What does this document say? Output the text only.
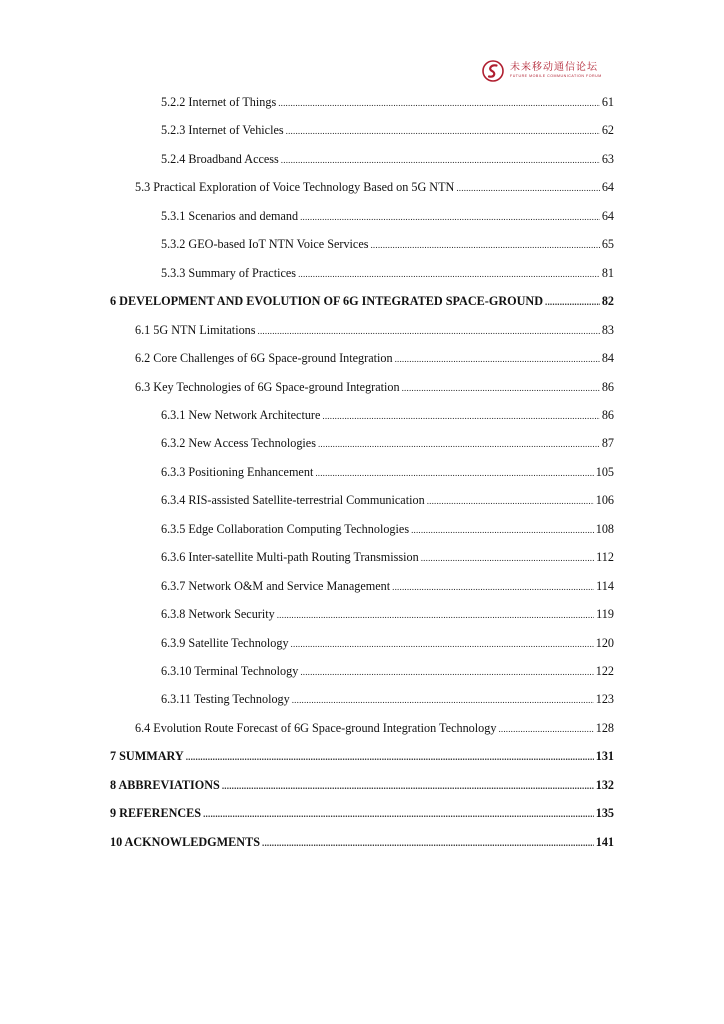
未来移动通信论坛
FUTURE MOBILE COMMUNICATION FORUM
5.2.2 Internet of Things .....	61
5.2.3 Internet of Vehicles .....	62
5.2.4 Broadband Access .....	63
5.3 Practical Exploration of Voice Technology Based on 5G NTN .....	64
5.3.1 Scenarios and demand .....	64
5.3.2 GEO-based IoT NTN Voice Services .....	65
5.3.3 Summary of Practices .....	81
6 DEVELOPMENT AND EVOLUTION OF 6G INTEGRATED SPACE-GROUND .....	82
6.1 5G NTN Limitations .....	83
6.2 Core Challenges of 6G Space-ground Integration .....	84
6.3 Key Technologies of 6G Space-ground Integration .....	86
6.3.1 New Network Architecture .....	86
6.3.2 New Access Technologies .....	87
6.3.3 Positioning Enhancement .....	105
6.3.4 RIS-assisted Satellite-terrestrial Communication .....	106
6.3.5 Edge Collaboration Computing Technologies .....	108
6.3.6 Inter-satellite Multi-path Routing Transmission .....	112
6.3.7 Network O&M and Service Management .....	114
6.3.8 Network Security .....	119
6.3.9 Satellite Technology .....	120
6.3.10 Terminal Technology .....	122
6.3.11 Testing Technology .....	123
6.4 Evolution Route Forecast of 6G Space-ground Integration Technology .....	128
7 SUMMARY .....	131
8 ABBREVIATIONS .....	132
9 REFERENCES .....	135
10 ACKNOWLEDGMENTS .....	141
